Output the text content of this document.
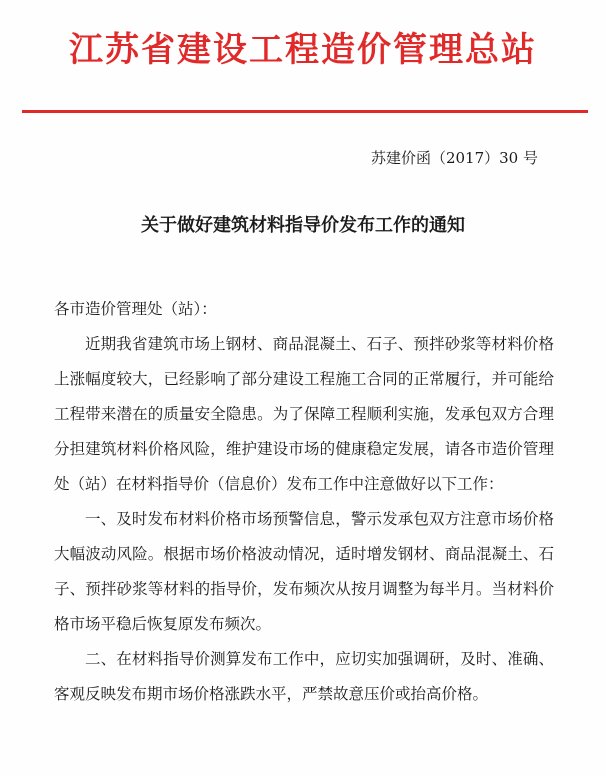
江苏省建设工程造价管理总站
苏建价函（2017）30 号
关于做好建筑材料指导价发布工作的通知

各市造价管理处（站）：

近期我省建筑市场上钢材、商品混凝土、石子、预拌砂浆等材料价格上涨幅度较大，已经影响了部分建设工程施工合同的正常履行，并可能给工程带来潜在的质量安全隐患。为了保障工程顺利实施，发承包双方合理分担建筑材料价格风险，维护建设市场的健康稳定发展，请各市造价管理处（站）在材料指导价（信息价）发布工作中注意做好以下工作：

一、及时发布材料价格市场预警信息，警示发承包双方注意市场价格大幅波动风险。根据市场价格波动情况，适时增发钢材、商品混凝土、石子、预拌砂浆等材料的指导价，发布频次从按月调整为每半月。当材料价格市场平稳后恢复原发布频次。

二、在材料指导价测算发布工作中，应切实加强调研，及时、准确、客观反映发布期市场价格涨跌水平，严禁故意压价或抬高价格。
